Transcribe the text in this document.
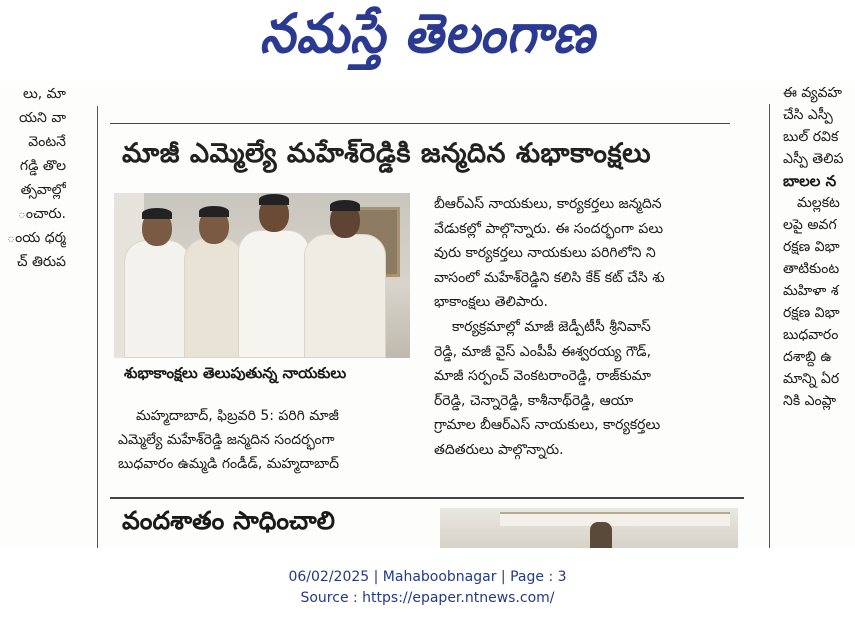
నమస్తే తెలంగాణ
లు, మా
యని వా
వెంటనే
గడ్డి తొల
త్సవాల్లో
ంచారు.
ంయ ధర్మ
చ్ తిరుప
మాజీ ఎమ్మెల్యే మహేశ్‌రెడ్డికి జన్మదిన శుభాకాంక్షలు
శుభాకాంక్షలు తెలుపుతున్న నాయకులు
బీఆర్‌ఎస్ నాయకులు, కార్యకర్తలు జన్మదిన
వేడుకల్లో పాల్గొన్నారు. ఈ సందర్భంగా పలు
వురు కార్యకర్తలు నాయకులు పరిగిలోని ని
వాసంలో మహేశ్‌రెడ్డిని కలిసి కేక్ కట్ చేసి శు
భాకాంక్షలు తెలిపారు.
కార్యక్రమాల్లో మాజీ జెడ్పీటీసీ శ్రీనివాస్
రెడ్డి, మాజీ వైస్ ఎంపీపీ ఈశ్వరయ్య గౌడ్,
మాజీ సర్పంచ్ వెంకటరాంరెడ్డి, రాజ్‌కుమా
ర్‌రెడ్డి, చెన్నారెడ్డి, కాశీనాథ్‌రెడ్డి, ఆయా
గ్రామాల బీఆర్‌ఎస్ నాయకులు, కార్యకర్తలు
తదితరులు పాల్గొన్నారు.
మహ్మదాబాద్, ఫిబ్రవరి 5: పరిగి మాజీ
ఎమ్మెల్యే మహేశ్‌రెడ్డి జన్మదిన సందర్భంగా
బుధవారం ఉమ్మడి గండీడ్, మహ్మదాబాద్
వందశాతం సాధించాలి
ఈ వ్యవహ
చేసి ఎస్పీ
బుల్ రవిక
ఎస్పీ తెలిప
బాలల న
మల్లకట
లపై అవగ
రక్షణ విభా
తాటికుంట
మహిళా శ
రక్షణ విభా
బుధవారం
దశాబ్ది ఉ
మాన్ని ఏర
నికి ఎంప్లా
06/02/2025 | Mahaboobnagar | Page : 3
Source : https://epaper.ntnews.com/
